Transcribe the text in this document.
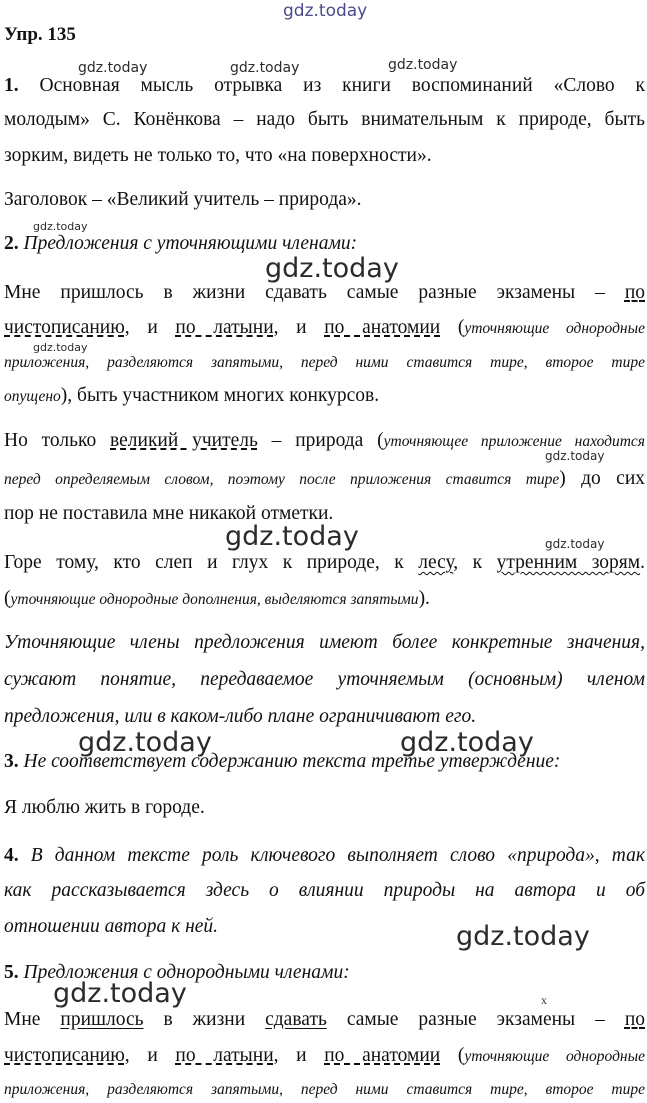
Упр. 135
1. Основная мысль отрывка из книги воспоминаний «Слово к
молодым» С. Конёнкова – надо быть внимательным к природе, быть
зорким, видеть не только то, что «на поверхности».
Заголовок – «Великий учитель – природа».
2. Предложения с уточняющими членами:
Мне пришлось в жизни сдавать самые разные экзамены – по
чистописанию, и по латыни, и по анатомии (уточняющие однородные
приложения, разделяются запятыми, перед ними ставится тире, второе тире
опущено), быть участником многих конкурсов.
Но только великий учитель – природа (уточняющее приложение находится
перед определяемым словом, поэтому после приложения ставится тире) до сих
пор не поставила мне никакой отметки.
Горе тому, кто слеп и глух к природе, к лесу, к утренним зорям.
(уточняющие однородные дополнения, выделяются запятыми).
Уточняющие члены предложения имеют более конкретные значения,
сужают понятие, передаваемое уточняемым (основным) членом
предложения, или в каком-либо плане ограничивают его.
3. Не соответствует содержанию текста третье утверждение:
Я люблю жить в городе.
4. В данном тексте роль ключевого выполняет слово «природа», так
как рассказывается здесь о влиянии природы на автора и об
отношении автора к ней.
5. Предложения с однородными членами:
x
Мне пришлось в жизни сдавать самые разные экзамены – по
чистописанию, и по латыни, и по анатомии (уточняющие однородные
приложения, разделяются запятыми, перед ними ставится тире, второе тире
gdz.today
gdz.today	gdz.today	gdz.today
gdz.today
gdz.today
gdz.today
gdz.today
gdz.today	gdz.today
gdz.today	gdz.today
gdz.today
gdz.today
